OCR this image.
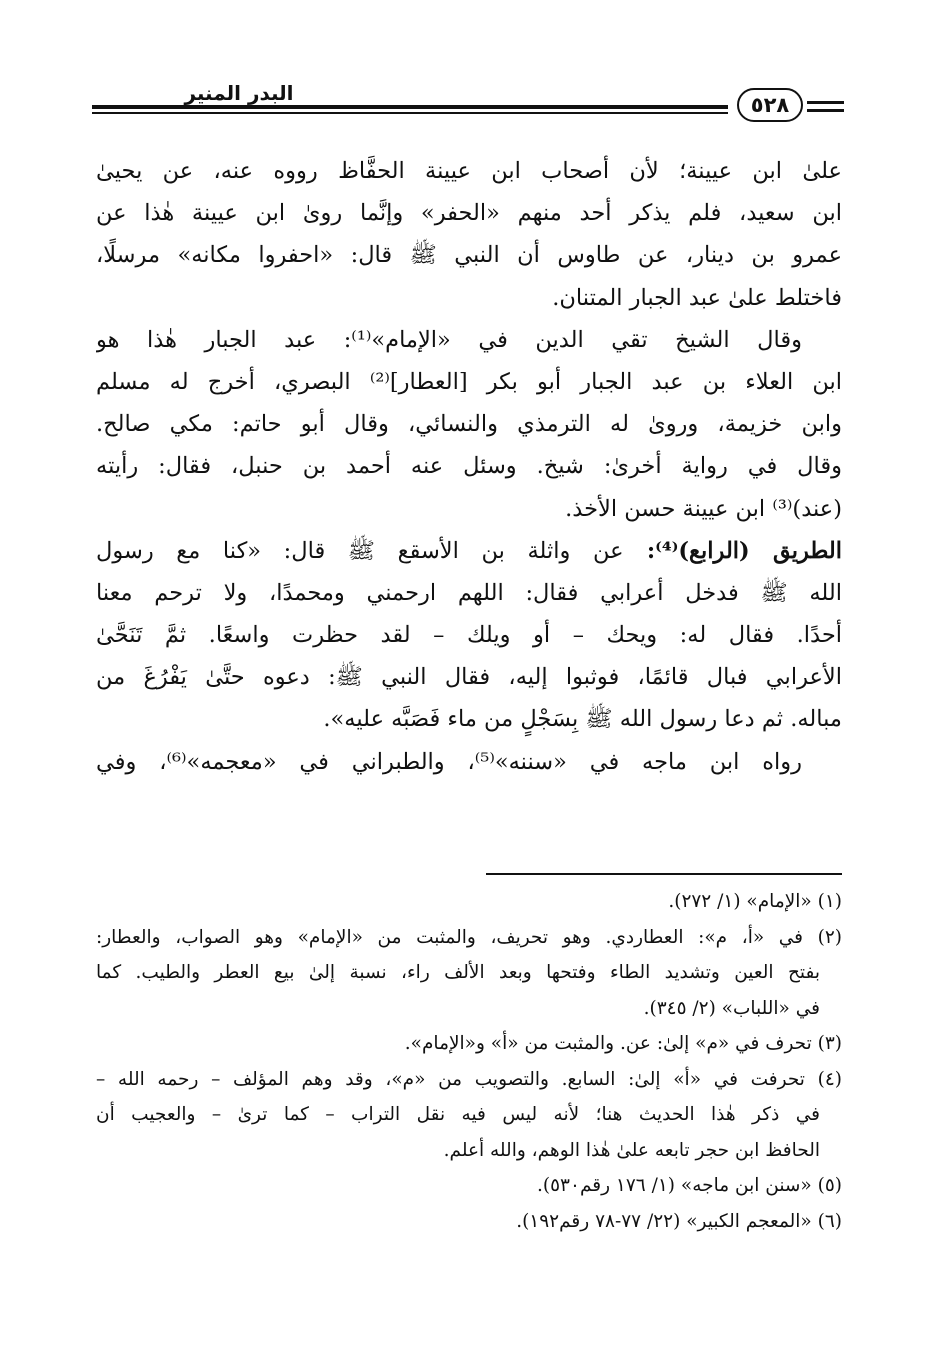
البدر المنير	٥٢٨
علىٰ ابن عيينة؛ لأن أصحاب ابن عيينة الحفَّاظ رووه عنه، عن يحيىٰ
ابن سعيد، فلم يذكر أحد منهم «الحفر» وإنَّما روىٰ ابن عيينة هٰذا عن
عمرو بن دينار، عن طاوس أن النبي ﷺ قال: «احفروا مكانه» مرسلًا،
فاختلط علىٰ عبد الجبار المتنان.
وقال الشيخ تقي الدين في «الإمام»⁽¹⁾: عبد الجبار هٰذا هو
ابن العلاء بن عبد الجبار أبو بكر [العطار]⁽²⁾ البصري، أخرج له مسلم
وابن خزيمة، وروىٰ له الترمذي والنسائي، وقال أبو حاتم: مكي صالح.
وقال في رواية أخرىٰ: شيخ. وسئل عنه أحمد بن حنبل، فقال: رأيته
(عند)⁽³⁾ ابن عيينة حسن الأخذ.
الطريق (الرابع)⁽⁴⁾: عن واثلة بن الأسقع ﷺ قال: «كنا مع رسول
الله ﷺ فدخل أعرابي فقال: اللهم ارحمني ومحمدًا، ولا ترحم معنا
أحدًا. فقال له: ويحك – أو ويلك – لقد حظرت واسعًا. ثمَّ تَنَحَّىٰ
الأعرابي فبال قائمًا، فوثبوا إليه، فقال النبي ﷺ: دعوه حتَّىٰ يَفْرُغَ من
مباله. ثم دعا رسول الله ﷺ بِسَجْلٍ من ماء فَصَبَّه عليه».
رواه ابن ماجه في «سننه»⁽⁵⁾، والطبراني في «معجمه»⁽⁶⁾، وفي
(١) «الإمام» (١/ ٢٧٢).
(٢) في «أ، م»: العطاردي. وهو تحريف، والمثبت من «الإمام» وهو الصواب، والعطار:
بفتح العين وتشديد الطاء وفتحها وبعد الألف راء، نسبة إلىٰ بيع العطر والطيب. كما
في «اللباب» (٢/ ٣٤٥).
(٣) تحرف في «م» إلىٰ: عن. والمثبت من «أ» و«الإمام».
(٤) تحرفت في «أ» إلىٰ: السابع. والتصويب من «م»، وقد وهم المؤلف – رحمه الله –
في ذكر هٰذا الحديث هنا؛ لأنه ليس فيه نقل التراب – كما ترىٰ – والعجيب أن
الحافظ ابن حجر تابعه علىٰ هٰذا الوهم، والله أعلم.
(٥) «سنن ابن ماجه» (١/ ١٧٦ رقم٥٣٠).
(٦) «المعجم الكبير» (٢٢/ ٧٧-٧٨ رقم١٩٢).
